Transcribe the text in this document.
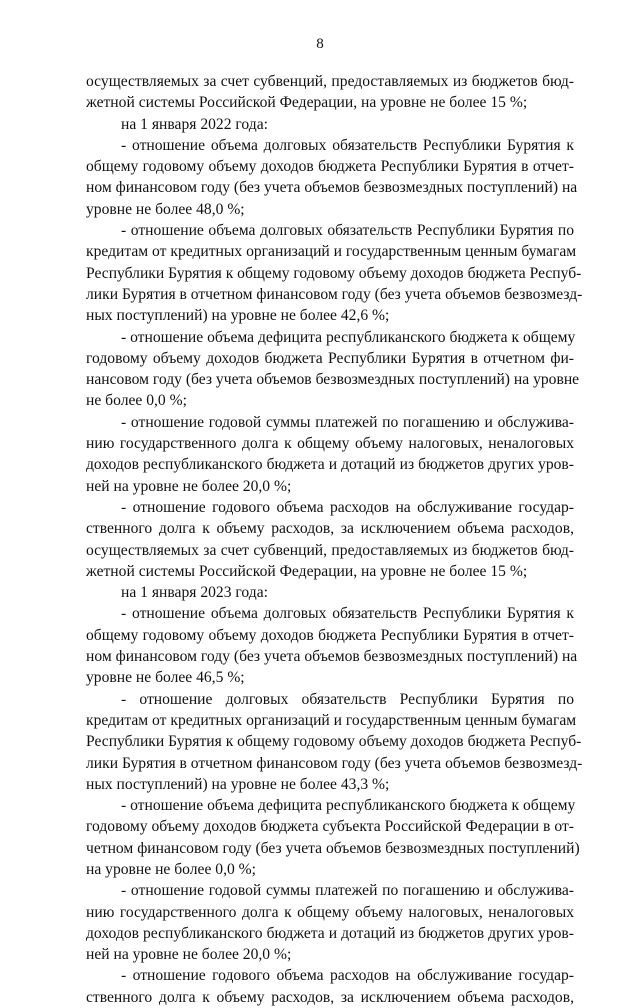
8
осуществляемых за счет субвенций, предоставляемых из бюджетов бюд-
жетной системы Российской Федерации, на уровне не более 15 %;
на 1 января 2022 года:
- отношение объема долговых обязательств Республики Бурятия к
общему годовому объему доходов бюджета Республики Бурятия в отчет-
ном финансовом году (без учета объемов безвозмездных поступлений) на
уровне не более 48,0 %;
- отношение объема долговых обязательств Республики Бурятия по
кредитам от кредитных организаций и государственным ценным бумагам
Республики Бурятия к общему годовому объему доходов бюджета Респуб-
лики Бурятия в отчетном финансовом году (без учета объемов безвозмезд-
ных поступлений) на уровне не более 42,6 %;
- отношение объема дефицита республиканского бюджета к общему
годовому объему доходов бюджета Республики Бурятия в отчетном фи-
нансовом году (без учета объемов безвозмездных поступлений) на уровне
не более 0,0 %;
- отношение годовой суммы платежей по погашению и обслужива-
нию государственного долга к общему объему налоговых, неналоговых
доходов республиканского бюджета и дотаций из бюджетов других уров-
ней на уровне не более 20,0 %;
- отношение годового объема расходов на обслуживание государ-
ственного долга к объему расходов, за исключением объема расходов,
осуществляемых за счет субвенций, предоставляемых из бюджетов бюд-
жетной системы Российской Федерации, на уровне не более 15 %;
на 1 января 2023 года:
- отношение объема долговых обязательств Республики Бурятия к
общему годовому объему доходов бюджета Республики Бурятия в отчет-
ном финансовом году (без учета объемов безвозмездных поступлений) на
уровне не более 46,5 %;
- отношение долговых обязательств Республики Бурятия по
кредитам от кредитных организаций и государственным ценным бумагам
Республики Бурятия к общему годовому объему доходов бюджета Респуб-
лики Бурятия в отчетном финансовом году (без учета объемов безвозмезд-
ных поступлений) на уровне не более 43,3 %;
- отношение объема дефицита республиканского бюджета к общему
годовому объему доходов бюджета субъекта Российской Федерации в от-
четном финансовом году (без учета объемов безвозмездных поступлений)
на уровне не более 0,0 %;
- отношение годовой суммы платежей по погашению и обслужива-
нию государственного долга к общему объему налоговых, неналоговых
доходов республиканского бюджета и дотаций из бюджетов других уров-
ней на уровне не более 20,0 %;
- отношение годового объема расходов на обслуживание государ-
ственного долга к объему расходов, за исключением объема расходов,
